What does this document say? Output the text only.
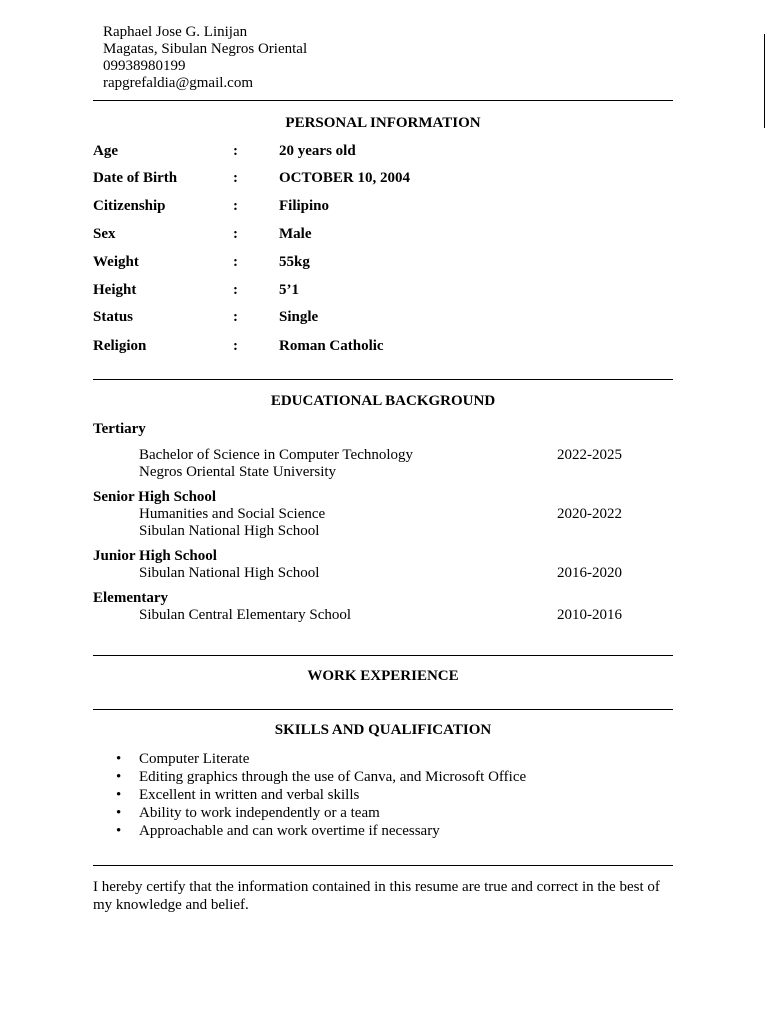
Raphael Jose G. Linijan
Magatas, Sibulan Negros Oriental
09938980199
rapgrefaldia@gmail.com
PERSONAL INFORMATION
Age	:	20 years old
Date of Birth	:	OCTOBER 10, 2004
Citizenship	:	Filipino
Sex	:	Male
Weight	:	55kg
Height	:	5’1
Status	:	Single
Religion	:	Roman Catholic
EDUCATIONAL BACKGROUND
Tertiary
Bachelor of Science in Computer Technology	2022-2025
Negros Oriental State University
Senior High School
Humanities and Social Science	2020-2022
Sibulan National High School
Junior High School
Sibulan National High School	2016-2020
Elementary
Sibulan Central Elementary School	2010-2016
WORK EXPERIENCE
SKILLS AND QUALIFICATION
• Computer Literate
• Editing graphics through the use of Canva, and Microsoft Office
• Excellent in written and verbal skills
• Ability to work independently or a team
• Approachable and can work overtime if necessary
I hereby certify that the information contained in this resume are true and correct in the best of my knowledge and belief.
